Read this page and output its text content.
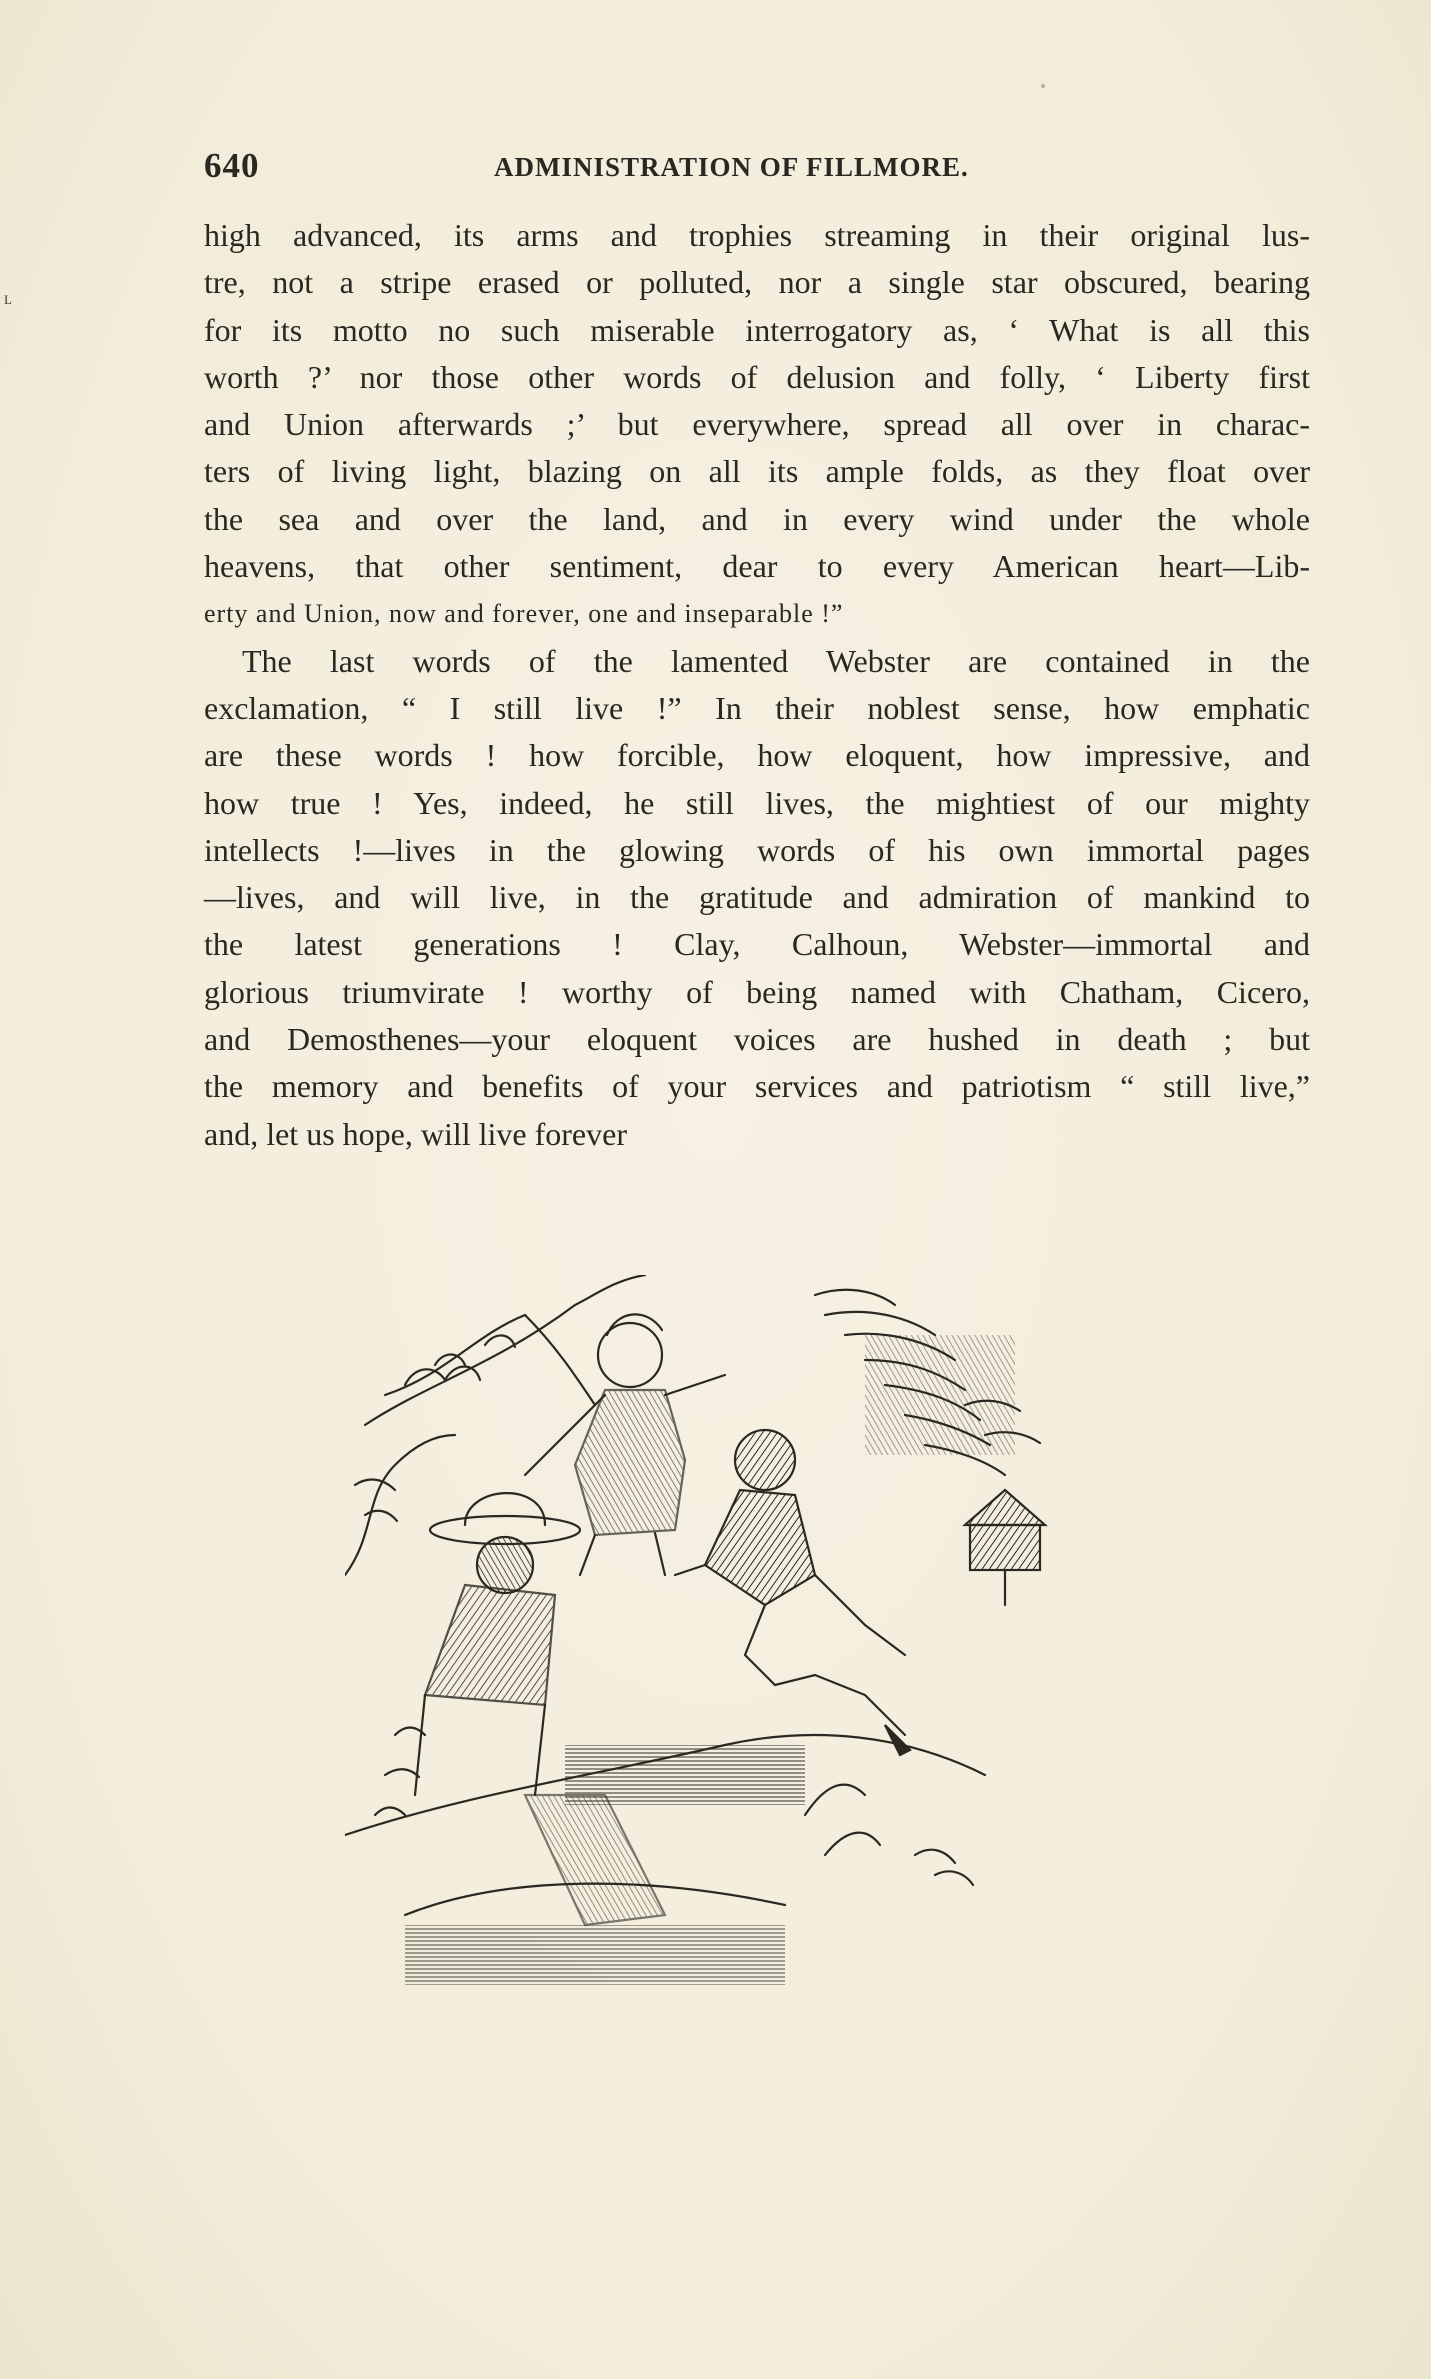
ʟ
640	ADMINISTRATION OF FILLMORE.
high advanced, its arms and trophies streaming in their original lus-
tre, not a stripe erased or polluted, nor a single star obscured, bearing
for its motto no such miserable interrogatory as, ‘ What is all this
worth ?’ nor those other words of delusion and folly, ‘ Liberty first
and Union afterwards ;’ but everywhere, spread all over in charac-
ters of living light, blazing on all its ample folds, as they float over
the sea and over the land, and in every wind under the whole
heavens, that other sentiment, dear to every American heart—Lib-
erty and Union, now and forever, one and inseparable !”
The last words of the lamented Webster are contained in the
exclamation, “ I still live !” In their noblest sense, how emphatic
are these words ! how forcible, how eloquent, how impressive, and
how true ! Yes, indeed, he still lives, the mightiest of our mighty
intellects !—lives in the glowing words of his own immortal pages
—lives, and will live, in the gratitude and admiration of mankind to
the latest generations ! Clay, Calhoun, Webster—immortal and
glorious triumvirate ! worthy of being named with Chatham, Cicero,
and Demosthenes—your eloquent voices are hushed in death ; but
the memory and benefits of your services and patriotism “ still live,”
and, let us hope, will live forever
